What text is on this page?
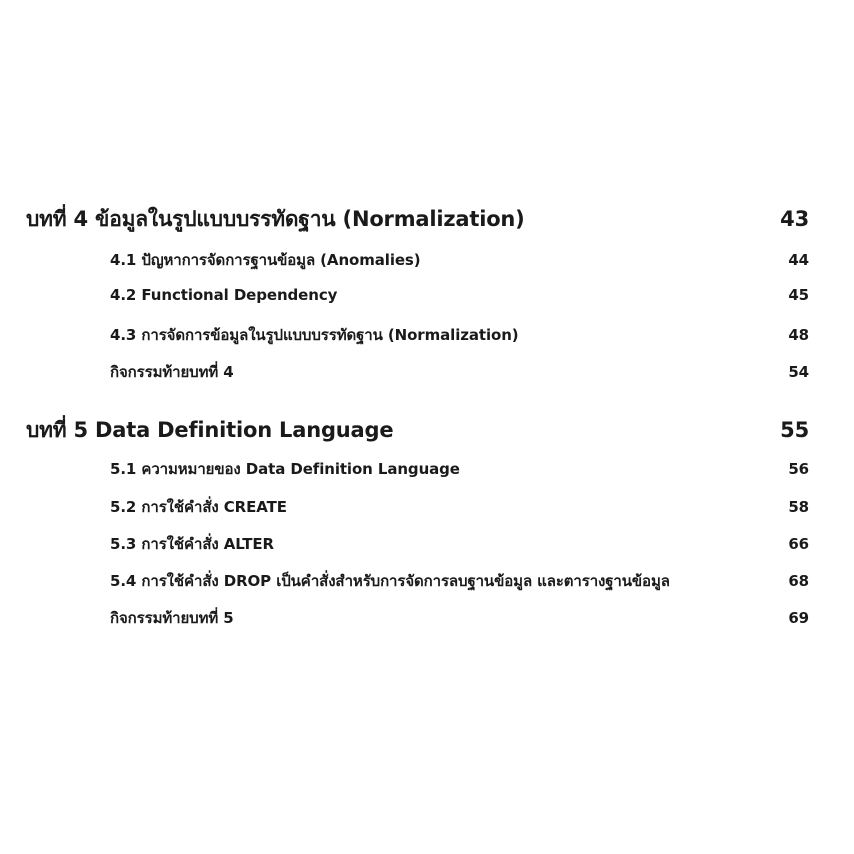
บทที่ 4 ข้อมูลในรูปแบบบรรทัดฐาน (Normalization)	43
4.1 ปัญหาการจัดการฐานข้อมูล (Anomalies)	44
4.2 Functional Dependency	45
4.3 การจัดการข้อมูลในรูปแบบบรรทัดฐาน (Normalization)	48
กิจกรรมท้ายบทที่ 4	54
บทที่ 5 Data Definition Language	55
5.1 ความหมายของ Data Definition Language	56
5.2 การใช้คำสั่ง CREATE	58
5.3 การใช้คำสั่ง ALTER	66
5.4 การใช้คำสั่ง DROP เป็นคำสั่งสำหรับการจัดการลบฐานข้อมูล และตารางฐานข้อมูล	68
กิจกรรมท้ายบทที่ 5	69
